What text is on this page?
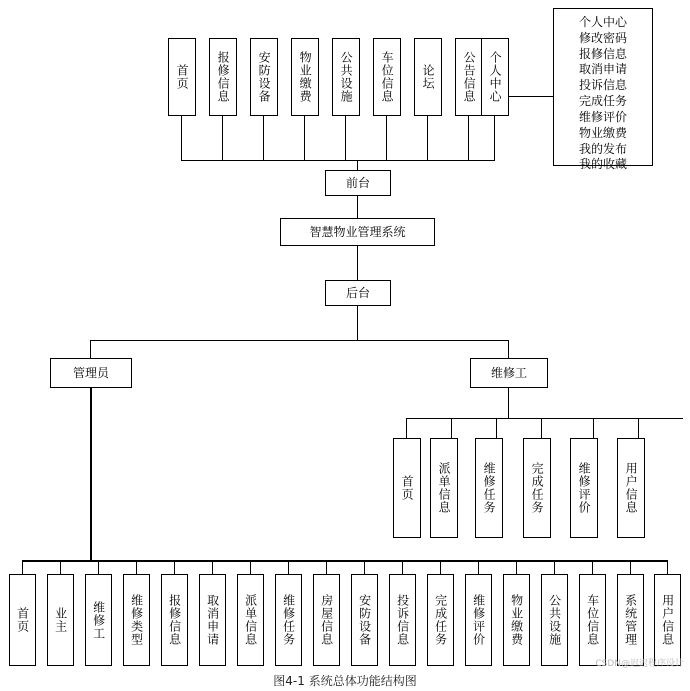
个人中心
修改密码
报修信息
取消申请
投诉信息
完成任务
维修评价
物业缴费
我的发布
我的收藏
首页 报修信息 安防设备 物业缴费 公共设施 车位信息 论坛 公告信息 个人中心
前台
智慧物业管理系统
后台
管理员	维修工
首页 派单信息	维修任务	完成任务	维修评价	用户信息
首页 业主 维修工 维修类型 报修信息 取消申请 派单信息 维修任务 房屋信息 安防设备 投诉信息 完成任务 维修评价 物业缴费 公共设施 车位信息 系统管理 用户信息
CSDN@迟迟程序设计
图4-1 系统总体功能结构图
